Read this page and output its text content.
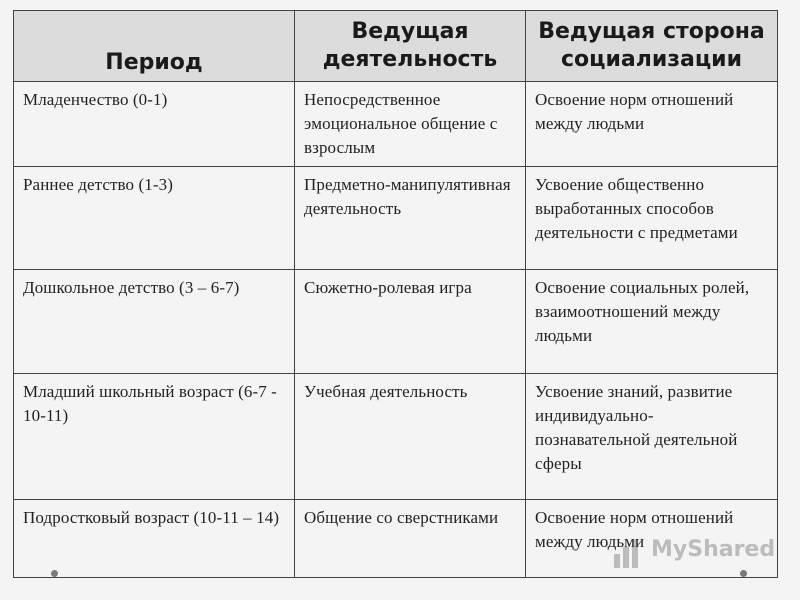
Период	Ведущая деятельность	Ведущая сторона социализации
Младенчество (0-1)	Непосредственное эмоциональное общение с взрослым	Освоение норм отношений между людьми
Раннее детство (1-3)	Предметно-манипулятивная деятельность	Усвоение общественно выработанных способов деятельности с предметами
Дошкольное детство (3 – 6-7)	Сюжетно-ролевая игра	Освоение социальных ролей, взаимоотношений между людьми
Младший школьный возраст (6-7 - 10-11)	Учебная деятельность	Усвоение знаний, развитие индивидуально-познавательной деятельной сферы
Подростковый возраст (10-11 – 14)	Общение со сверстниками	Освоение норм отношений между людьми MyShared
